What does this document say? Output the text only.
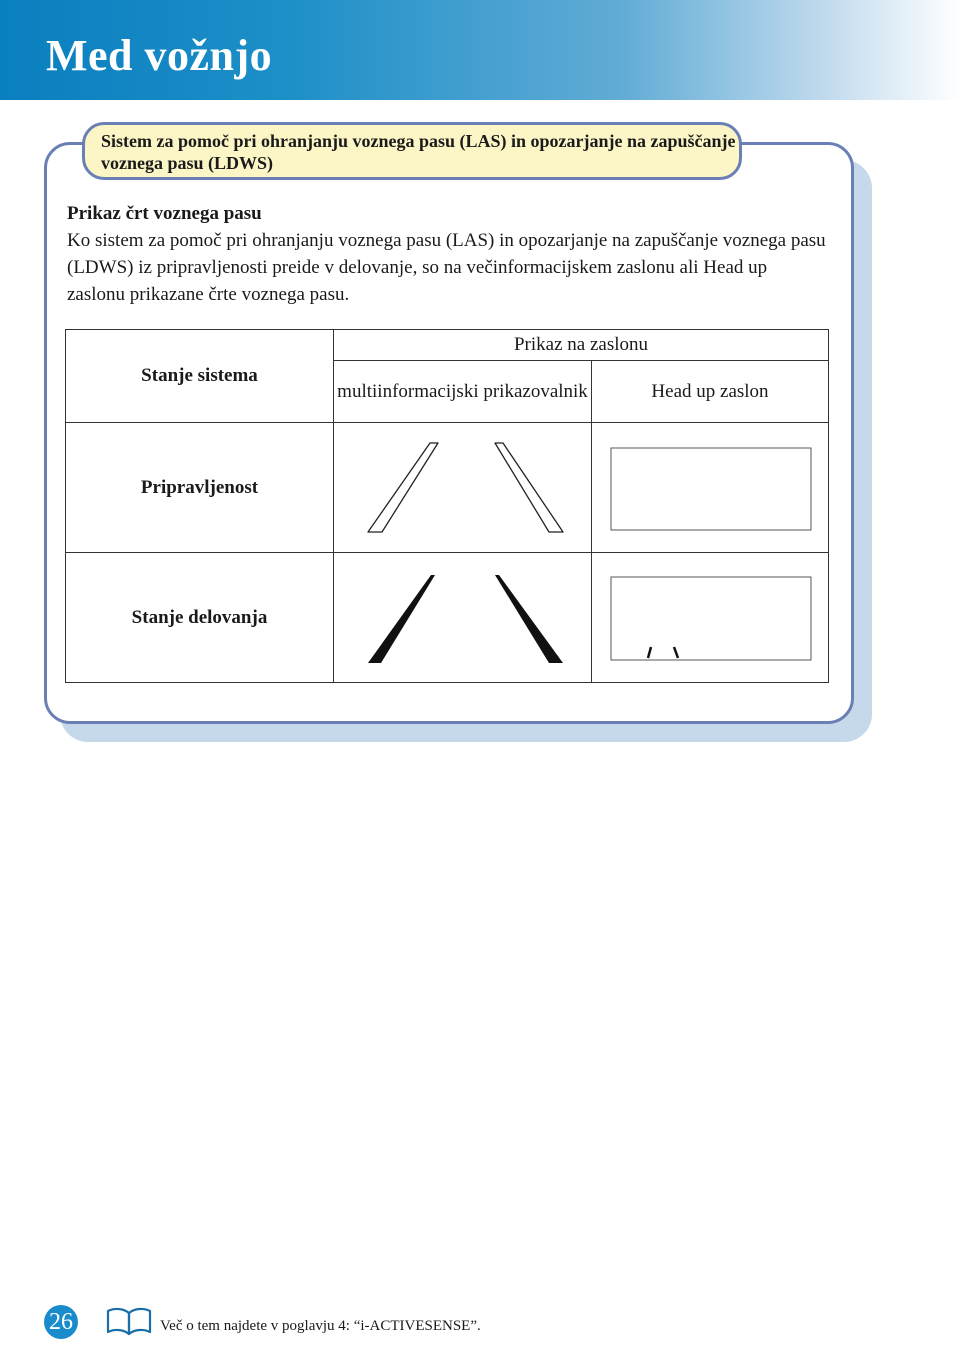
Med vožnjo
Sistem za pomoč pri ohranjanju voznega pasu (LAS) in opozarjanje na zapuščanje voznega pasu (LDWS)
Prikaz črt voznega pasu
Ko sistem za pomoč pri ohranjanju voznega pasu (LAS) in opozarjanje na zapuščanje voznega pasu (LDWS) iz pripravljenosti preide v delovanje, so na večinformacijskem zaslonu ali Head up zaslonu prikazane črte voznega pasu.
Stanje sistema	Prikaz na zaslonu	
	multiinformacijski prikazovalnik	Head up zaslon
Pripravljenost	

Stanje delovanja	

26	Več o tem najdete v poglavju 4: “i-ACTIVESENSE”.
